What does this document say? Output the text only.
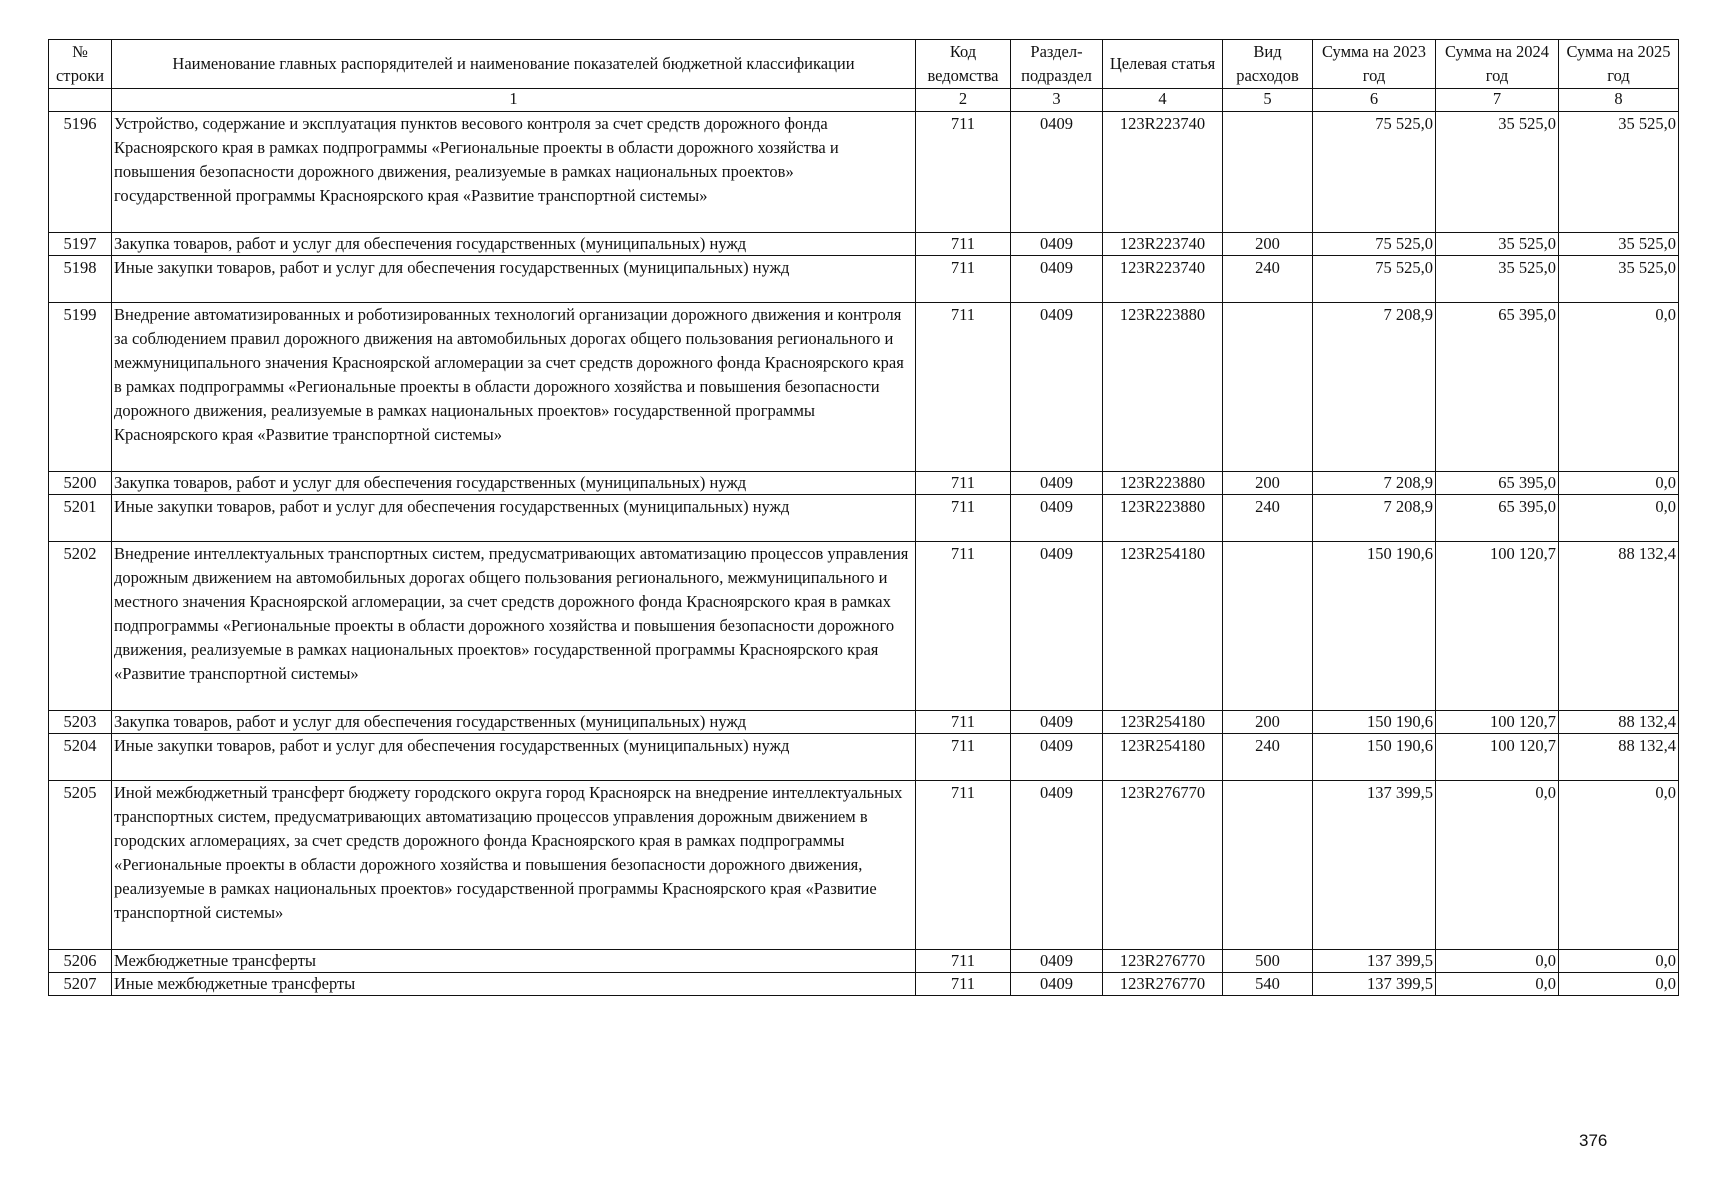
№ строки	Наименование главных распорядителей и наименование показателей бюджетной классификации	Код ведомства	Раздел-подраздел	Целевая статья	Вид расходов	Сумма на 2023 год	Сумма на 2024 год	Сумма на 2025 год
	1	2	3	4	5	6	7	8
5196	Устройство, содержание и эксплуатация пунктов весового контроля за счет средств дорожного фонда Красноярского края в рамках подпрограммы «Региональные проекты в области дорожного хозяйства и повышения безопасности дорожного движения, реализуемые в рамках национальных проектов» государственной программы Красноярского края «Развитие транспортной системы»	711	0409	123R223740		75 525,0	35 525,0	35 525,0
5197	Закупка товаров, работ и услуг для обеспечения государственных (муниципальных) нужд	711	0409	123R223740	200	75 525,0	35 525,0	35 525,0
5198	Иные закупки товаров, работ и услуг для обеспечения государственных (муниципальных) нужд	711	0409	123R223740	240	75 525,0	35 525,0	35 525,0
5199	Внедрение автоматизированных и роботизированных технологий организации дорожного движения и контроля за соблюдением правил дорожного движения на автомобильных дорогах общего пользования регионального и межмуниципального значения Красноярской агломерации за счет средств дорожного фонда Красноярского края в рамках подпрограммы «Региональные проекты в области дорожного хозяйства и повышения безопасности дорожного движения, реализуемые в рамках национальных проектов» государственной программы Красноярского края «Развитие транспортной системы»	711	0409	123R223880		7 208,9	65 395,0	0,0
5200	Закупка товаров, работ и услуг для обеспечения государственных (муниципальных) нужд	711	0409	123R223880	200	7 208,9	65 395,0	0,0
5201	Иные закупки товаров, работ и услуг для обеспечения государственных (муниципальных) нужд	711	0409	123R223880	240	7 208,9	65 395,0	0,0
5202	Внедрение интеллектуальных транспортных систем, предусматривающих автоматизацию процессов управления дорожным движением на автомобильных дорогах общего пользования регионального, межмуниципального и местного значения Красноярской агломерации, за счет средств дорожного фонда Красноярского края в рамках подпрограммы «Региональные проекты в области дорожного хозяйства и повышения безопасности дорожного движения, реализуемые в рамках национальных проектов» государственной программы Красноярского края «Развитие транспортной системы»	711	0409	123R254180		150 190,6	100 120,7	88 132,4
5203	Закупка товаров, работ и услуг для обеспечения государственных (муниципальных) нужд	711	0409	123R254180	200	150 190,6	100 120,7	88 132,4
5204	Иные закупки товаров, работ и услуг для обеспечения государственных (муниципальных) нужд	711	0409	123R254180	240	150 190,6	100 120,7	88 132,4
5205	Иной межбюджетный трансферт бюджету городского округа город Красноярск на внедрение интеллектуальных транспортных систем, предусматривающих автоматизацию процессов управления дорожным движением в городских агломерациях, за счет средств дорожного фонда Красноярского края в рамках подпрограммы «Региональные проекты в области дорожного хозяйства и повышения безопасности дорожного движения, реализуемые в рамках национальных проектов» государственной программы Красноярского края «Развитие транспортной системы»	711	0409	123R276770		137 399,5	0,0	0,0
5206	Межбюджетные трансферты	711	0409	123R276770	500	137 399,5	0,0	0,0
5207	Иные межбюджетные трансферты	711	0409	123R276770	540	137 399,5	0,0	0,0
376
